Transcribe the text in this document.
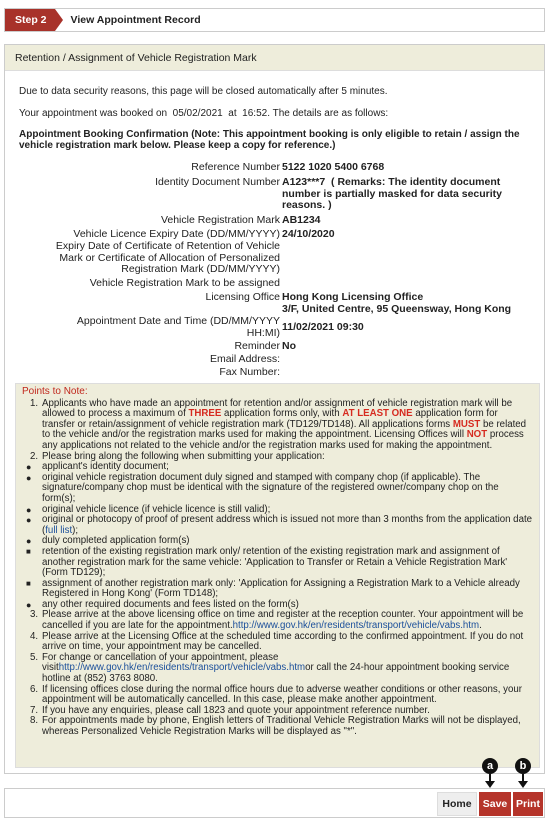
Step 2	View Appointment Record
Retention / Assignment of Vehicle Registration Mark
Due to data security reasons, this page will be closed automatically after 5 minutes.
Your appointment was booked on 05/02/2021 at 16:52. The details are as follows:
Appointment Booking Confirmation (Note: This appointment booking is only eligible to retain / assign the vehicle registration mark below. Please keep a copy for reference.)
Reference Number 5122 1020 5400 6768
Identity Document Number A123***7 ( Remarks: The identity document number is partially masked for data security reasons. )
Vehicle Registration Mark AB1234
Vehicle Licence Expiry Date (DD/MM/YYYY) 24/10/2020
Expiry Date of Certificate of Retention of Vehicle
Mark or Certificate of Allocation of Personalized
Registration Mark (DD/MM/YYYY)
Vehicle Registration Mark to be assigned
Licensing Office Hong Kong Licensing Office
3/F, United Centre, 95 Queensway, Hong Kong
Appointment Date and Time (DD/MM/YYYY
HH:MI) 11/02/2021 09:30
Reminder No
Email Address:
Fax Number:
Points to Note:
1. Applicants who have made an appointment for retention and/or assignment of vehicle registration mark will be allowed to process a maximum of THREE application forms only, with AT LEAST ONE application form for transfer or retain/assignment of vehicle registration mark (TD129/TD148). All applications forms MUST be related to the vehicle and/or the registration marks used for making the appointment. Licensing Offices will NOT process any applications not related to the vehicle and/or the registration marks used for making the appointment.
2. Please bring along the following when submitting your application:
● applicant's identity document;
● original vehicle registration document duly signed and stamped with company chop (if applicable). The signature/company chop must be identical with the signature of the registered owner/company chop on the form(s);
● original vehicle licence (if vehicle licence is still valid);
● original or photocopy of proof of present address which is issued not more than 3 months from the application date (full list);
● duly completed application form(s)
■ retention of the existing registration mark only/ retention of the existing registration mark and assignment of another registration mark for the same vehicle: 'Application to Transfer or Retain a Vehicle Registration Mark' (Form TD129);
■ assignment of another registration mark only: 'Application for Assigning a Registration Mark to a Vehicle already Registered in Hong Kong' (Form TD148);
● any other required documents and fees listed on the form(s)
3. Please arrive at the above licensing office on time and register at the reception counter. Your appointment will be cancelled if you are late for the appointment.http://www.gov.hk/en/residents/transport/vehicle/vabs.htm.
4. Please arrive at the Licensing Office at the scheduled time according to the confirmed appointment. If you do not arrive on time, your appointment may be cancelled.
5. For change or cancellation of your appointment, please visithttp://www.gov.hk/en/residents/transport/vehicle/vabs.htmor call the 24-hour appointment booking service hotline at (852) 3763 8080.
6. If licensing offices close during the normal office hours due to adverse weather conditions or other reasons, your appointment will be automatically cancelled. In this case, please make another appointment.
7. If you have any enquiries, please call 1823 and quote your appointment reference number.
8. For appointments made by phone, English letters of Traditional Vehicle Registration Marks will not be displayed, whereas Personalized Vehicle Registration Marks will be displayed as "*".
a	b
Home	Save Print
